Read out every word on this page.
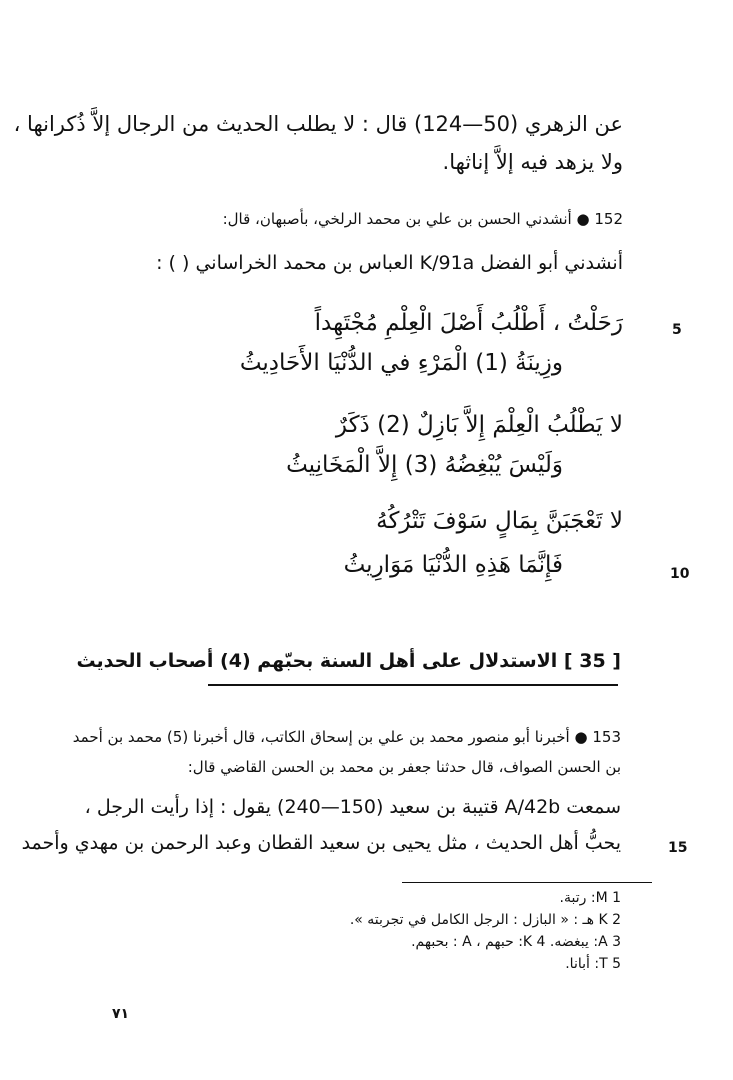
عن الزهري (50—124) قال : لا يطلب الحديث من الرجال إلاَّ ذُكرانها ،
ولا يزهد فيه إلاَّ إناثها.
152 ● أنشدني الحسن بن علي بن محمد الرلخي، بأصبهان، قال:
أنشدني أبو الفضل K/91a العباس بن محمد الخراساني ( ) :
5
رَحَلْتُ ، أَطْلُبُ أَصْلَ الْعِلْمِ مُجْتَهِداً
وزِينَةُ (1) الْمَرْءِ في الدُّنْيَا الأَحَادِيثُ
لا يَطْلُبُ الْعِلْمَ إِلاَّ بَازِلٌ (2) ذَكَرٌ
وَلَيْسَ يُبْغِضُهُ (3) إِلاَّ الْمَخَانِيثُ
لا تَعْجَبَنَّ بِمَالٍ سَوْفَ تَتْرُكُهُ
فَإِنَّمَا هَذِهِ الدُّنْيَا مَوَارِيثُ	10
[ 35 ] الاستدلال على أهل السنة بحبّهم (4) أصحاب الحديث
153 ● أخبرنا أبو منصور محمد بن علي بن إسحاق الكاتب، قال أخبرنا (5) محمد بن أحمد
بن الحسن الصواف، قال حدثنا جعفر بن محمد بن الحسن القاضي قال:
سمعت A/42b قتيبة بن سعيد (150—240) يقول : إذا رأيت الرجل ،
يحبُّ أهل الحديث ، مثل يحيى بن سعيد القطان وعبد الرحمن بن مهدي وأحمد	15
M 1: رتبة.
K 2 هـ : « البازل : الرجل الكامل في تجربته ».
A 3: يبغضه. K 4: حبهم ، A : بحبهم.
T 5: أبانا.
٧١
